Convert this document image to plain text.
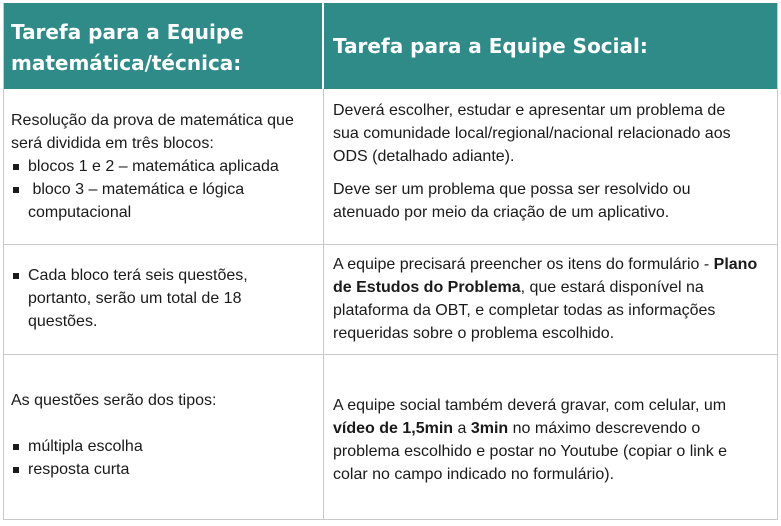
Tarefa para a Equipe
matemática/técnica:
Tarefa para a Equipe Social:

Resolução da prova de matemática que será dividida em três blocos:

blocos 1 e 2 – matemática aplicada

bloco 3 – matemática e lógica computacional

Deverá escolher, estudar e apresentar um problema de sua comunidade local/regional/nacional relacionado aos ODS (detalhado adiante).

Deve ser um problema que possa ser resolvido ou atenuado por meio da criação de um aplicativo.

Cada bloco terá seis questões, portanto, serão um total de 18 questões.

A equipe precisará preencher os itens do formulário - Plano de Estudos do Problema, que estará disponível na plataforma da OBT, e completar todas as informações requeridas sobre o problema escolhido.

As questões serão dos tipos:

múltipla escolha

resposta curta

A equipe social também deverá gravar, com celular, um vídeo de 1,5min a 3min no máximo descrevendo o problema escolhido e postar no Youtube (copiar o link e colar no campo indicado no formulário).
